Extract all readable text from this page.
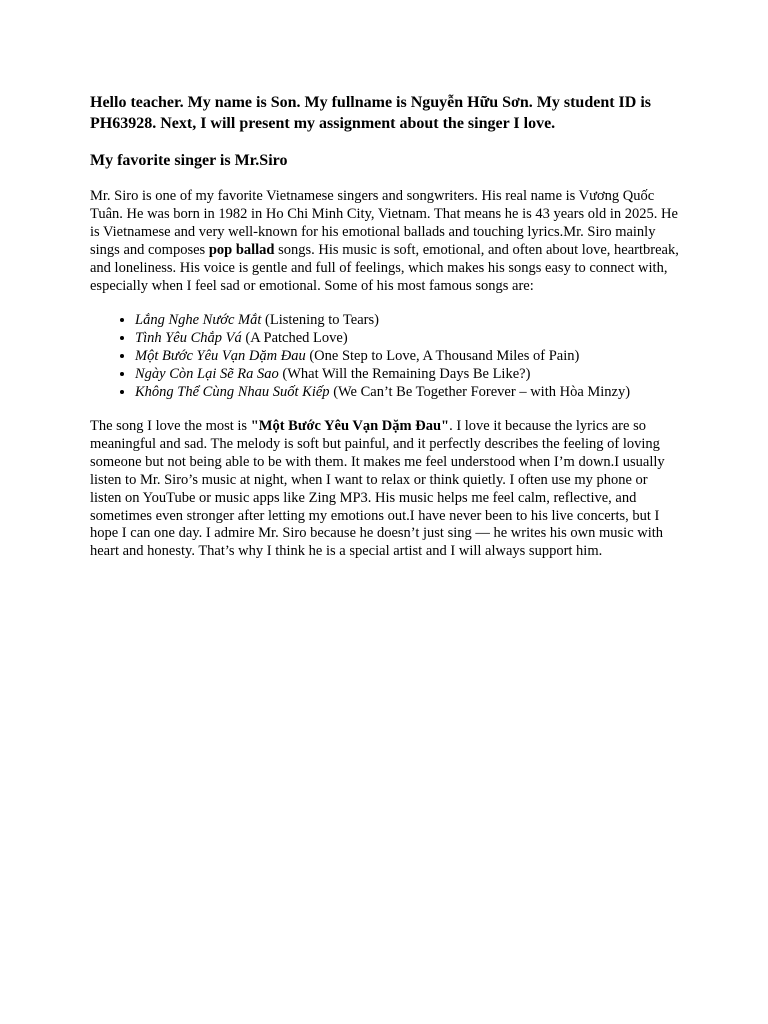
Hello teacher. My name is Son. My fullname is Nguyễn Hữu Sơn. My student ID is PH63928. Next, I will present my assignment about the singer I love.

My favorite singer is Mr.Siro

Mr. Siro is one of my favorite Vietnamese singers and songwriters. His real name is Vương Quốc Tuân. He was born in 1982 in Ho Chi Minh City, Vietnam. That means he is 43 years old in 2025. He is Vietnamese and very well-known for his emotional ballads and touching lyrics.Mr. Siro mainly sings and composes pop ballad songs. His music is soft, emotional, and often about love, heartbreak, and loneliness. His voice is gentle and full of feelings, which makes his songs easy to connect with, especially when I feel sad or emotional. Some of his most famous songs are:

• Lắng Nghe Nước Mắt (Listening to Tears)
• Tình Yêu Chắp Vá (A Patched Love)
• Một Bước Yêu Vạn Dặm Đau (One Step to Love, A Thousand Miles of Pain)
• Ngày Còn Lại Sẽ Ra Sao (What Will the Remaining Days Be Like?)
• Không Thể Cùng Nhau Suốt Kiếp (We Can’t Be Together Forever – with Hòa Minzy)

The song I love the most is "Một Bước Yêu Vạn Dặm Đau". I love it because the lyrics are so meaningful and sad. The melody is soft but painful, and it perfectly describes the feeling of loving someone but not being able to be with them. It makes me feel understood when I’m down.I usually listen to Mr. Siro’s music at night, when I want to relax or think quietly. I often use my phone or listen on YouTube or music apps like Zing MP3. His music helps me feel calm, reflective, and sometimes even stronger after letting my emotions out.I have never been to his live concerts, but I hope I can one day. I admire Mr. Siro because he doesn’t just sing — he writes his own music with heart and honesty. That’s why I think he is a special artist and I will always support him.
